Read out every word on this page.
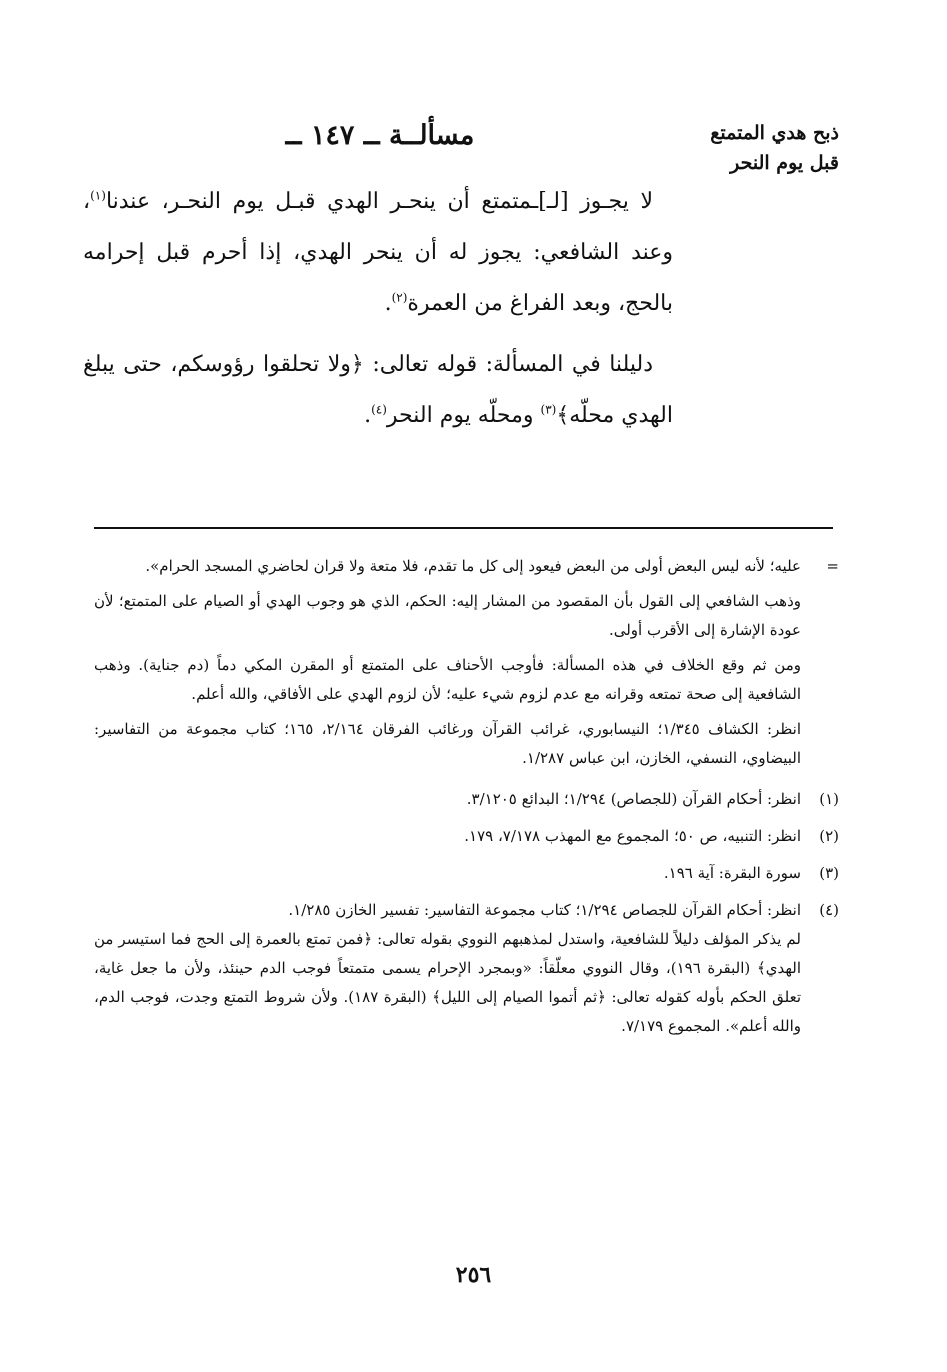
ذبح هدي المتمتع
قبل يوم النحر
مسألــة ــ ١٤٧ ــ

لا يجـوز [لـ]ـمتمتع أن ينحـر الهدي قبـل يوم النحـر، عندنا$^{(١)}$، وعند الشافعي: يجوز له أن ينحر الهدي، إذا أحرم قبل إحرامه بالحج، وبعد الفراغ من العمرة$^{(٢)}$.

دليلنا في المسألة: قوله تعالى: ﴿ولا تحلقوا رؤوسكم، حتى يبلغ الهدي محلّه﴾$^{(٣)}$ ومحلّه يوم النحر$^{(٤)}$.

=

عليه؛ لأنه ليس البعض أولى من البعض فيعود إلى كل ما تقدم، فلا متعة ولا قران لحاضري المسجد الحرام».

وذهب الشافعي إلى القول بأن المقصود من المشار إليه: الحكم، الذي هو وجوب الهدي أو الصيام على المتمتع؛ لأن عودة الإشارة إلى الأقرب أولى.

ومن ثم وقع الخلاف في هذه المسألة: فأوجب الأحناف على المتمتع أو المقرن المكي دماً (دم جناية). وذهب الشافعية إلى صحة تمتعه وقرانه مع عدم لزوم شيء عليه؛ لأن لزوم الهدي على الأفاقي، والله أعلم.

انظر: الكشاف ١/٣٤٥؛ النيسابوري، غرائب القرآن ورغائب الفرقان ٢/١٦٤، ١٦٥؛ كتاب مجموعة من التفاسير: البيضاوي، النسفي، الخازن، ابن عباس ١/٢٨٧.

(١)

انظر: أحكام القرآن (للجصاص) ١/٢٩٤؛ البدائع ٣/١٢٠٥.

(٢)

انظر: التنبيه، ص ٥٠؛ المجموع مع المهذب ٧/١٧٨، ١٧٩.

(٣)

سورة البقرة: آية ١٩٦.

(٤)

انظر: أحكام القرآن للجصاص ١/٢٩٤؛ كتاب مجموعة التفاسير: تفسير الخازن ١/٢٨٥.

لم يذكر المؤلف دليلاً للشافعية، واستدل لمذهبهم النووي بقوله تعالى: ﴿فمن تمتع بالعمرة إلى الحج فما استيسر من الهدي﴾ (البقرة ١٩٦)، وقال النووي معلّقاً: «وبمجرد الإحرام يسمى متمتعاً فوجب الدم حينئذ، ولأن ما جعل غاية، تعلق الحكم بأوله كقوله تعالى: ﴿ثم أتموا الصيام إلى الليل﴾ (البقرة ١٨٧). ولأن شروط التمتع وجدت، فوجب الدم، والله أعلم». المجموع ٧/١٧٩.

٢٥٦
